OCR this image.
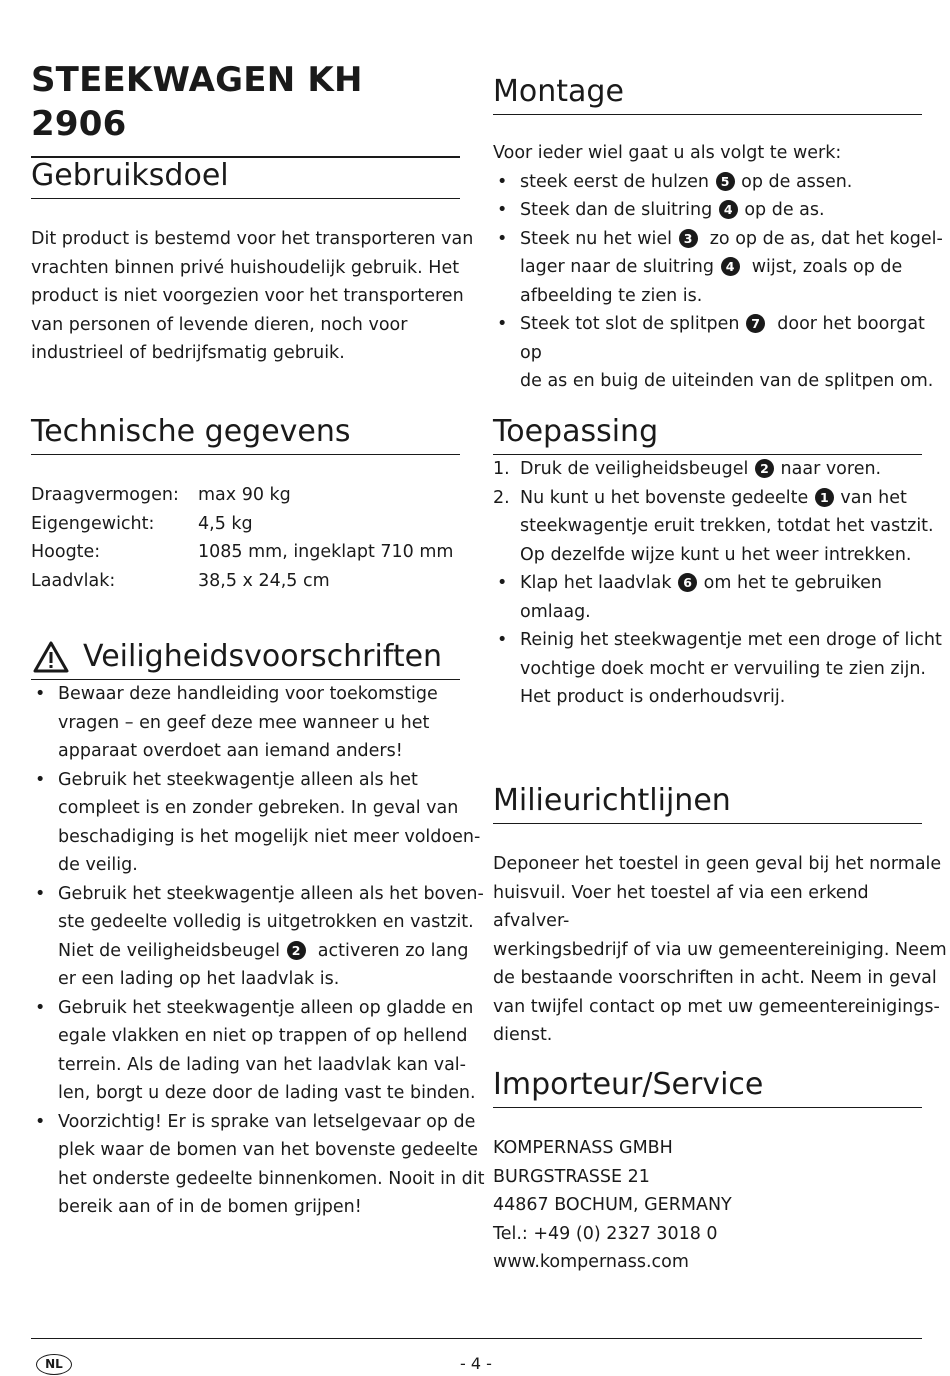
STEEKWAGEN KH 2906
Gebruiksdoel
Dit product is bestemd voor het transporteren van
vrachten binnen privé huishoudelijk gebruik. Het
product is niet voorgezien voor het transporteren
van personen of levende dieren, noch voor
industrieel of bedrijfsmatig gebruik.
Technische gegevens
Draagvermogen:	max 90 kg
Eigengewicht:	4,5 kg
Hoogte:	1085 mm, ingeklapt 710 mm
Laadvlak:	38,5 x 24,5 cm
Veiligheidsvoorschriften
• Bewaar deze handleiding voor toekomstige
vragen – en geef deze mee wanneer u het
apparaat overdoet aan iemand anders!
• Gebruik het steekwagentje alleen als het
compleet is en zonder gebreken. In geval van
beschadiging is het mogelijk niet meer voldoen-
de veilig.
• Gebruik het steekwagentje alleen als het boven-
ste gedeelte volledig is uitgetrokken en vastzit.
Niet de veiligheidsbeugel 2 activeren zo lang
er een lading op het laadvlak is.
• Gebruik het steekwagentje alleen op gladde en
egale vlakken en niet op trappen of op hellend
terrein. Als de lading van het laadvlak kan val-
len, borgt u deze door de lading vast te binden.
• Voorzichtig! Er is sprake van letselgevaar op de
plek waar de bomen van het bovenste gedeelte
het onderste gedeelte binnenkomen. Nooit in dit
bereik aan of in de bomen grijpen!
Montage
Voor ieder wiel gaat u als volgt te werk:
• steek eerst de hulzen 5 op de assen.
• Steek dan de sluitring 4 op de as.
• Steek nu het wiel 3 zo op de as, dat het kogel-
lager naar de sluitring 4 wijst, zoals op de
afbeelding te zien is.
• Steek tot slot de splitpen 7 door het boorgat op
de as en buig de uiteinden van de splitpen om.
Toepassing
1. Druk de veiligheidsbeugel 2 naar voren.
2. Nu kunt u het bovenste gedeelte 1 van het
steekwagentje eruit trekken, totdat het vastzit.
Op dezelfde wijze kunt u het weer intrekken.
• Klap het laadvlak 6 om het te gebruiken
omlaag.
• Reinig het steekwagentje met een droge of licht
vochtige doek mocht er vervuiling te zien zijn.
Het product is onderhoudsvrij.
Milieurichtlijnen
Deponeer het toestel in geen geval bij het normale
huisvuil. Voer het toestel af via een erkend afvalver-
werkingsbedrijf of via uw gemeentereiniging. Neem
de bestaande voorschriften in acht. Neem in geval
van twijfel contact op met uw gemeentereinigings-
dienst.
Importeur/Service
KOMPERNASS GMBH
BURGSTRASSE 21
44867 BOCHUM, GERMANY
Tel.: +49 (0) 2327 3018 0
www.kompernass.com
NL	- 4 -
